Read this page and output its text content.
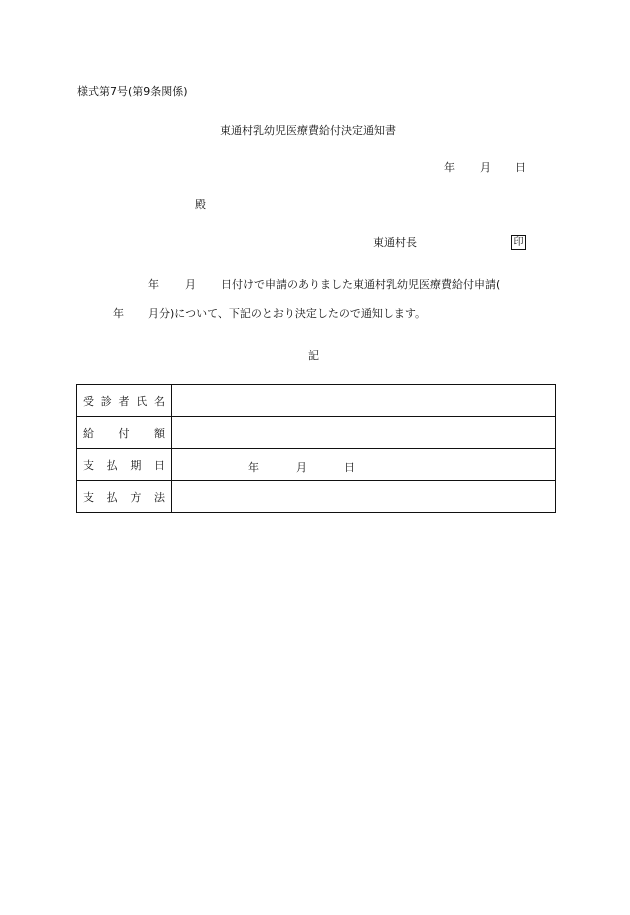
様式第7号(第9条関係)
東通村乳幼児医療費給付決定通知書
年 月 日
殿
東通村長	印
年 月 日付けで申請のありました東通村乳幼児医療費給付申請(
年 月分)について、下記のとおり決定したので通知します。
記
受 診 者 氏 名	

給 付 額	

支 払 期 日	年 月 日

支 払 方 法	
